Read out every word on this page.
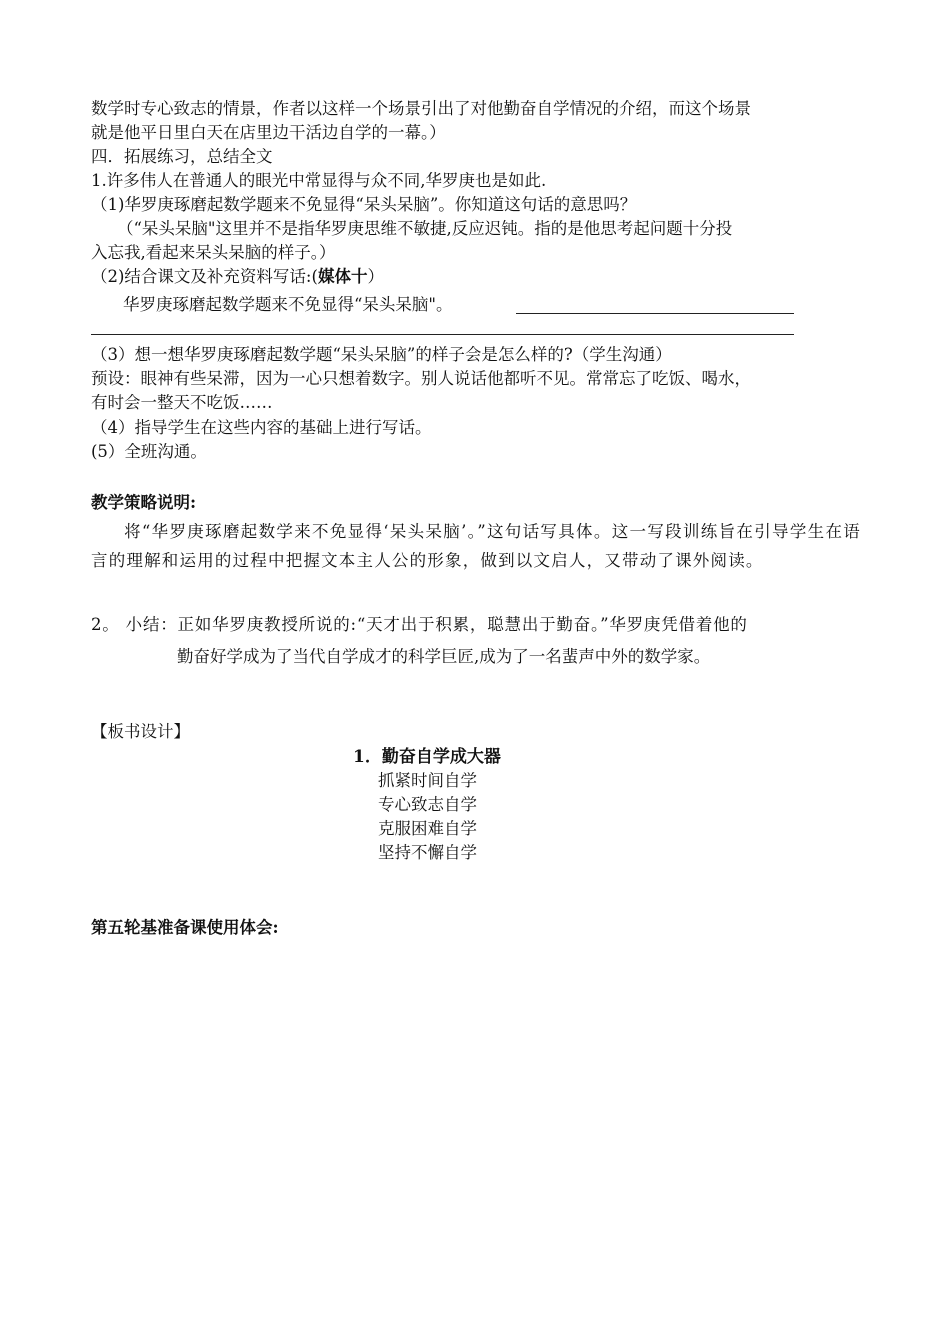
数学时专心致志的情景，作者以这样一个场景引出了对他勤奋自学情况的介绍，而这个场景
就是他平日里白天在店里边干活边自学的一幕。）
四．拓展练习，总结全文
1.许多伟人在普通人的眼光中常显得与众不同,华罗庚也是如此.
（1)华罗庚琢磨起数学题来不免显得“呆头呆脑”。你知道这句话的意思吗？
（“呆头呆脑"这里并不是指华罗庚思维不敏捷,反应迟钝。指的是他思考起问题十分投
入忘我,看起来呆头呆脑的样子。）
（2)结合课文及补充资料写话:(媒体十）
华罗庚琢磨起数学题来不免显得“呆头呆脑"。
（3）想一想华罗庚琢磨起数学题“呆头呆脑”的样子会是怎么样的?（学生沟通）
预设：眼神有些呆滞，因为一心只想着数字。别人说话他都听不见。常常忘了吃饭、喝水，
有时会一整天不吃饭……
（4）指导学生在这些内容的基础上进行写话。
(5）全班沟通。
教学策略说明:
将“华罗庚琢磨起数学来不免显得‘呆头呆脑’。”这句话写具体。这一写段训练旨在引导学生在语言的理解和运用的过程中把握文本主人公的形象，做到以文启人，又带动了课外阅读。
2。 小结：正如华罗庚教授所说的:“天才出于积累，聪慧出于勤奋。”华罗庚凭借着他的
勤奋好学成为了当代自学成才的科学巨匠,成为了一名蜚声中外的数学家。
【板书设计】
1．勤奋自学成大器
抓紧时间自学
专心致志自学
克服困难自学
坚持不懈自学
第五轮基准备课使用体会:
